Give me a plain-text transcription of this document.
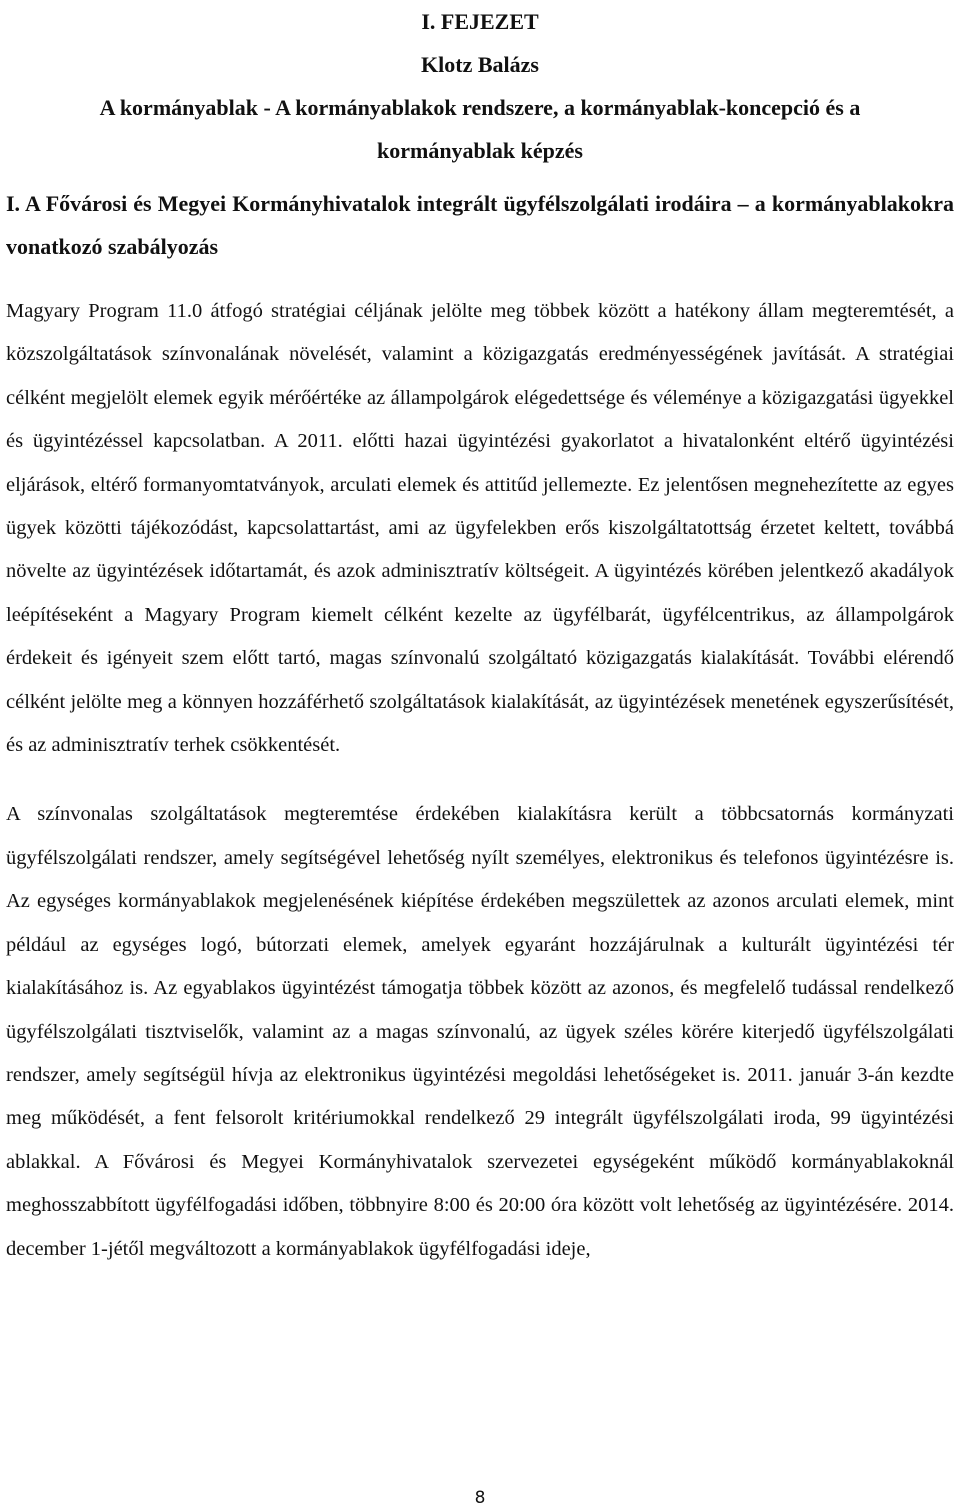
I. FEJEZET

Klotz Balázs

A kormányablak - A kormányablakok rendszere, a kormányablak-koncepció és a

kormányablak képzés

I. A Fővárosi és Megyei Kormányhivatalok integrált ügyfélszolgálati irodáira – a kormányablakokra vonatkozó szabályozás

Magyary Program 11.0 átfogó stratégiai céljának jelölte meg többek között a hatékony állam megteremtését, a közszolgáltatások színvonalának növelését, valamint a közigazgatás eredményességének javítását. A stratégiai célként megjelölt elemek egyik mérőértéke az állampolgárok elégedettsége és véleménye a közigazgatási ügyekkel és ügyintézéssel kapcsolatban. A 2011. előtti hazai ügyintézési gyakorlatot a hivatalonként eltérő ügyintézési eljárások, eltérő formanyomtatványok, arculati elemek és attitűd jellemezte. Ez jelentősen megnehezítette az egyes ügyek közötti tájékozódást, kapcsolattartást, ami az ügyfelekben erős kiszolgáltatottság érzetet keltett, továbbá növelte az ügyintézések időtartamát, és azok adminisztratív költségeit. A ügyintézés körében jelentkező akadályok leépítéseként a Magyary Program kiemelt célként kezelte az ügyfélbarát, ügyfélcentrikus, az állampolgárok érdekeit és igényeit szem előtt tartó, magas színvonalú szolgáltató közigazgatás kialakítását. További elérendő célként jelölte meg a könnyen hozzáférhető szolgáltatások kialakítását, az ügyintézések menetének egyszerűsítését, és az adminisztratív terhek csökkentését.

A színvonalas szolgáltatások megteremtése érdekében kialakításra került a többcsatornás kormányzati ügyfélszolgálati rendszer, amely segítségével lehetőség nyílt személyes, elektronikus és telefonos ügyintézésre is. Az egységes kormányablakok megjelenésének kiépítése érdekében megszülettek az azonos arculati elemek, mint például az egységes logó, bútorzati elemek, amelyek egyaránt hozzájárulnak a kulturált ügyintézési tér kialakításához is. Az egyablakos ügyintézést támogatja többek között az azonos, és megfelelő tudással rendelkező ügyfélszolgálati tisztviselők, valamint az a magas színvonalú, az ügyek széles körére kiterjedő ügyfélszolgálati rendszer, amely segítségül hívja az elektronikus ügyintézési megoldási lehetőségeket is. 2011. január 3-án kezdte meg működését, a fent felsorolt kritériumokkal rendelkező 29 integrált ügyfélszolgálati iroda, 99 ügyintézési ablakkal. A Fővárosi és Megyei Kormányhivatalok szervezetei egységeként működő kormányablakoknál meghosszabbított ügyfélfogadási időben, többnyire 8:00 és 20:00 óra között volt lehetőség az ügyintézésére. 2014. december 1-jétől megváltozott a kormányablakok ügyfélfogadási ideje,

8
